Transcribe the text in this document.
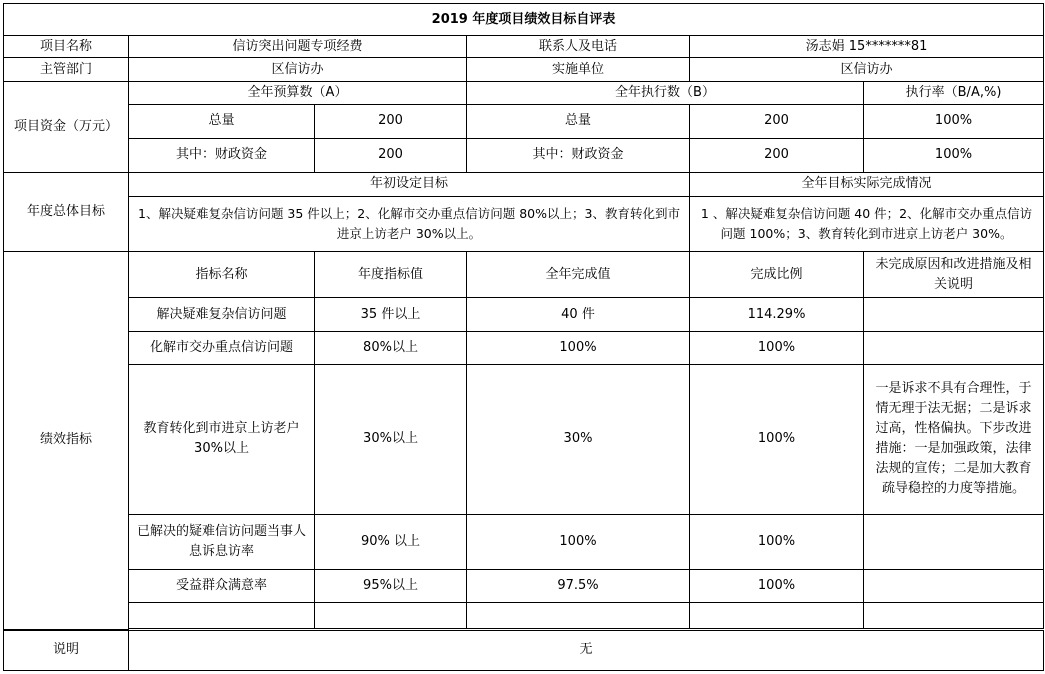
2019 年度项目绩效目标自评表					
项目名称	信访突出问题专项经费		联系人及电话	汤志娟 15*******81	
主管部门	区信访办		实施单位	区信访办	
项目资金（万元）	全年预算数（A）		全年执行数（B）		执行率（B/A,%)
	总量	200	总量	200	100%
	其中：财政资金	200	其中：财政资金	200	100%
年度总体目标	年初设定目标			全年目标实际完成情况	
	1、解决疑难复杂信访问题 35 件以上；2、化解市交办重点信访问题 80%以上；3、教育转化到市进京上访老户 30%以上。			1 、解决疑难复杂信访问题 40 件；2、化解市交办重点信访问题 100%；3、教育转化到市进京上访老户 30%。	
绩效指标	指标名称	年度指标值	全年完成值	完成比例	未完成原因和改进措施及相关说明
	解决疑难复杂信访问题	35 件以上	40 件	114.29%	
	化解市交办重点信访问题	80%以上	100%	100%	
	教育转化到市进京上访老户 30%以上	30%以上	30%	100%	一是诉求不具有合理性，于情无理于法无据；二是诉求过高，性格偏执。下步改进措施：一是加强政策，法律法规的宣传；二是加大教育疏导稳控的力度等措施。
	已解决的疑难信访问题当事人息诉息访率	90% 以上	100%	100%	
	受益群众满意率	95%以上	97.5%	100%	

说明	无				
